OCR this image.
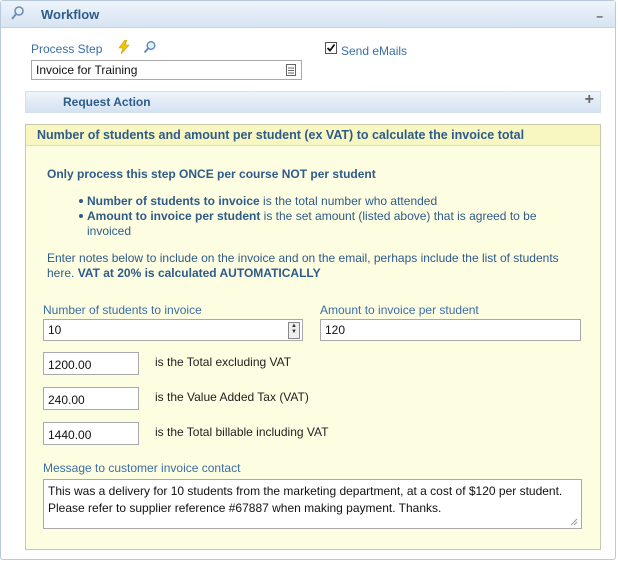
Workflow	–
Process Step
Invoice for Training
Send eMails
Request Action	+
Number of students and amount per student (ex VAT) to calculate the invoice total
Only process this step ONCE per course NOT per student
Number of students to invoice is the total number who attended
Amount to invoice per student is the set amount (listed above) that is agreed to be invoiced
Enter notes below to include on the invoice and on the email, perhaps include the list of students
here. VAT at 20% is calculated AUTOMATICALLY
Number of students to invoice
10	▲
▼
Amount to invoice per student
120
1200.00	is the Total excluding VAT
240.00	is the Value Added Tax (VAT)
1440.00	is the Total billable including VAT
Message to customer invoice contact
This was a delivery for 10 students from the marketing department, at a cost of $120 per student. Please refer to supplier reference #67887 when making payment. Thanks.
